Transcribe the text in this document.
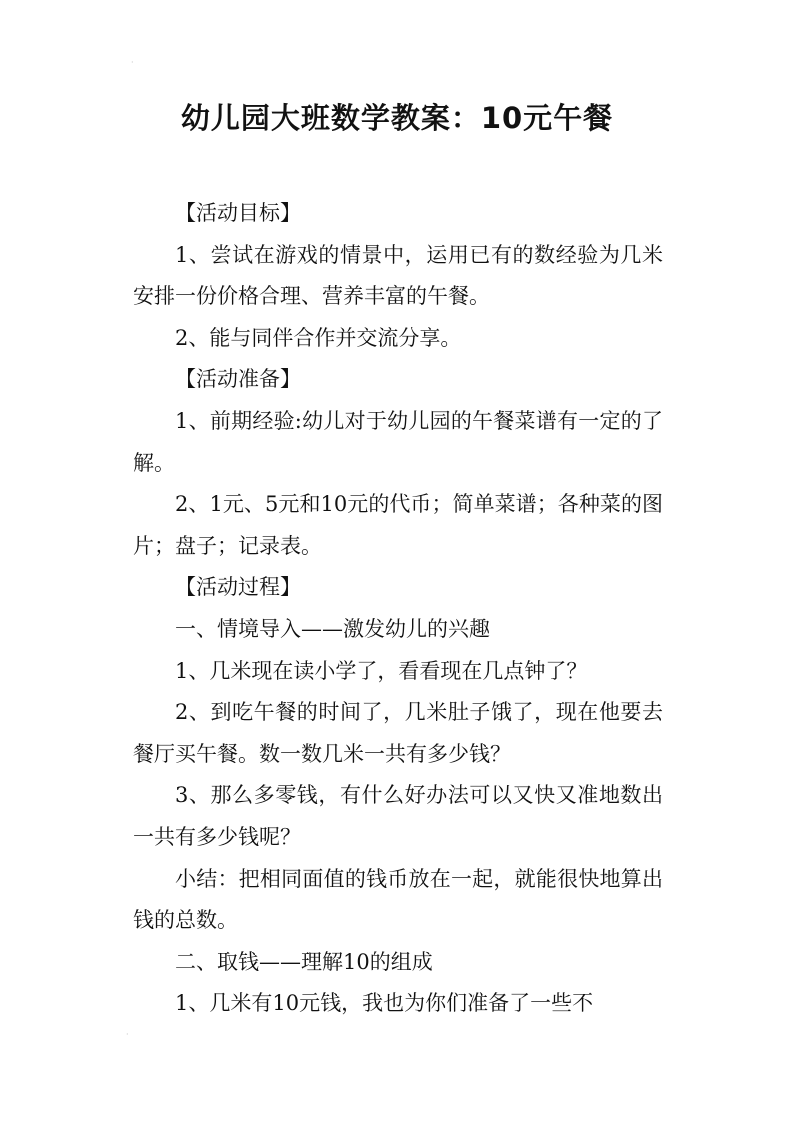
·
·
幼儿园大班数学教案：10元午餐

【活动目标】

1、尝试在游戏的情景中，运用已有的数经验为几米安排一份价格合理、营养丰富的午餐。

2、能与同伴合作并交流分享。

【活动准备】

1、前期经验:幼儿对于幼儿园的午餐菜谱有一定的了解。

2、1元、5元和10元的代币；简单菜谱；各种菜的图片；盘子；记录表。

【活动过程】

一、情境导入——激发幼儿的兴趣

1、几米现在读小学了，看看现在几点钟了？

2、到吃午餐的时间了，几米肚子饿了，现在他要去餐厅买午餐。数一数几米一共有多少钱？

3、那么多零钱，有什么好办法可以又快又准地数出一共有多少钱呢？

小结：把相同面值的钱币放在一起，就能很快地算出钱的总数。

二、取钱——理解10的组成

1、几米有10元钱，我也为你们准备了一些不
